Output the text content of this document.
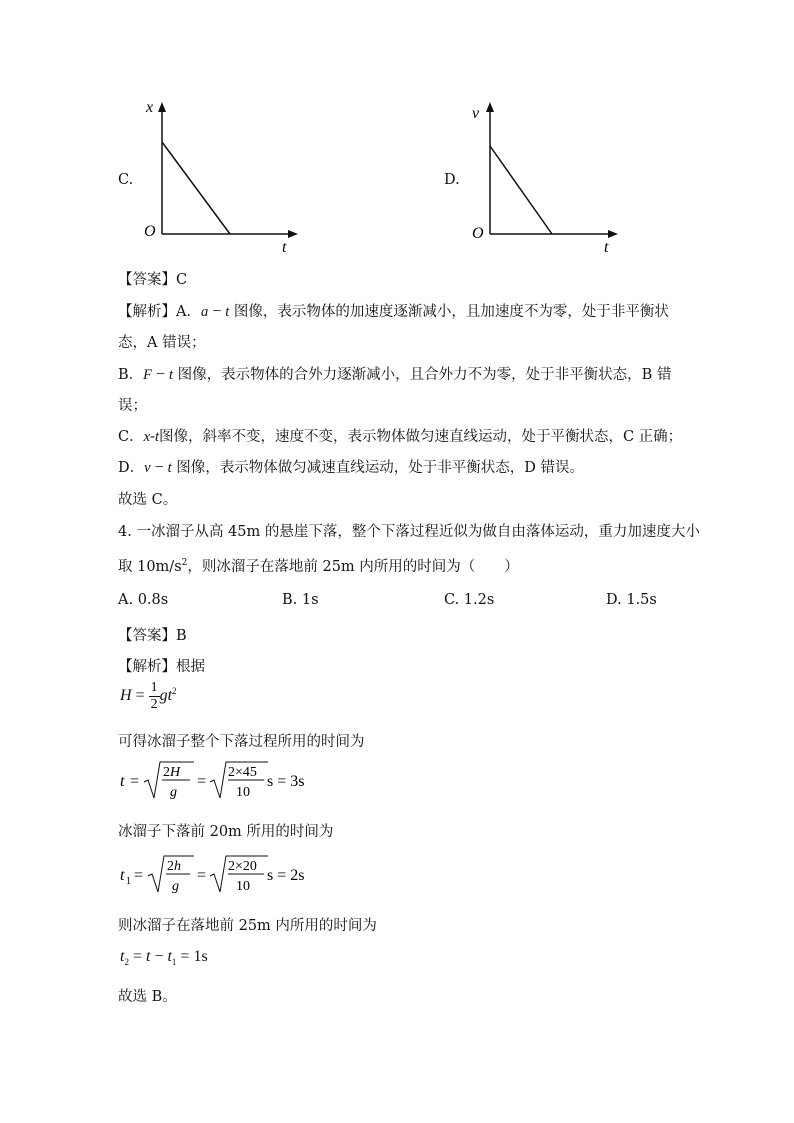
C.
x
t
O
D.
v
t
O
【答案】C
【解析】A．a − t 图像，表示物体的加速度逐渐减小，且加速度不为零，处于非平衡状
态，A 错误；
B．F − t 图像，表示物体的合外力逐渐减小，且合外力不为零，处于非平衡状态，B 错
误；
C．x-t图像，斜率不变，速度不变，表示物体做匀速直线运动，处于平衡状态，C 正确；
D．v − t 图像，表示物体做匀减速直线运动，处于非平衡状态，D 错误。
故选 C。
4. 一冰溜子从高 45m 的悬崖下落，整个下落过程近似为做自由落体运动，重力加速度大小
取 $10m/s^2$，则冰溜子在落地前 25m 内所用的时间为（　　）
A. 0.8s	B. 1s	C. 1.2s	D. 1.5s
【答案】B
【解析】根据
$H = \frac{1}{2} gt^2$
可得冰溜子整个下落过程所用的时间为
t =
2H
g
=
2×45
10
s = 3s
冰溜子下落前 20m 所用的时间为
t 1 =
2h
g
=
2×20
10
s = 2s
则冰溜子在落地前 25m 内所用的时间为
$t_2 = t - t_1 = 1s$
故选 B。
